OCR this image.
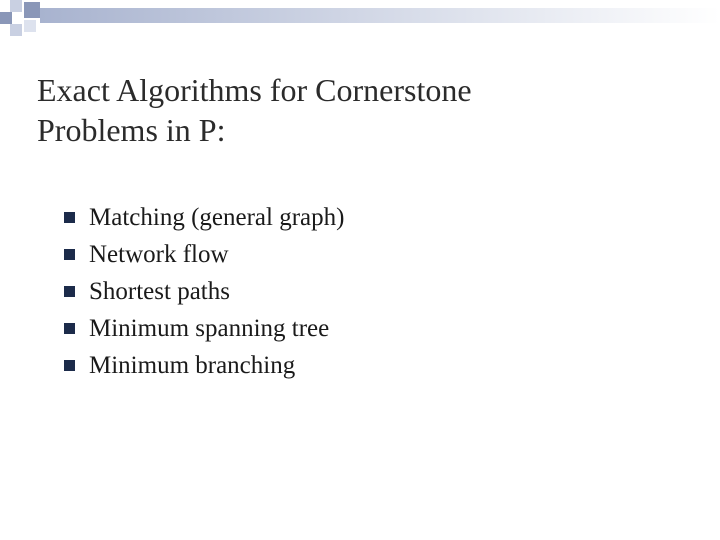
Exact Algorithms for Cornerstone
Problems in P:
Matching (general graph)
Network flow
Shortest paths
Minimum spanning tree
Minimum branching
